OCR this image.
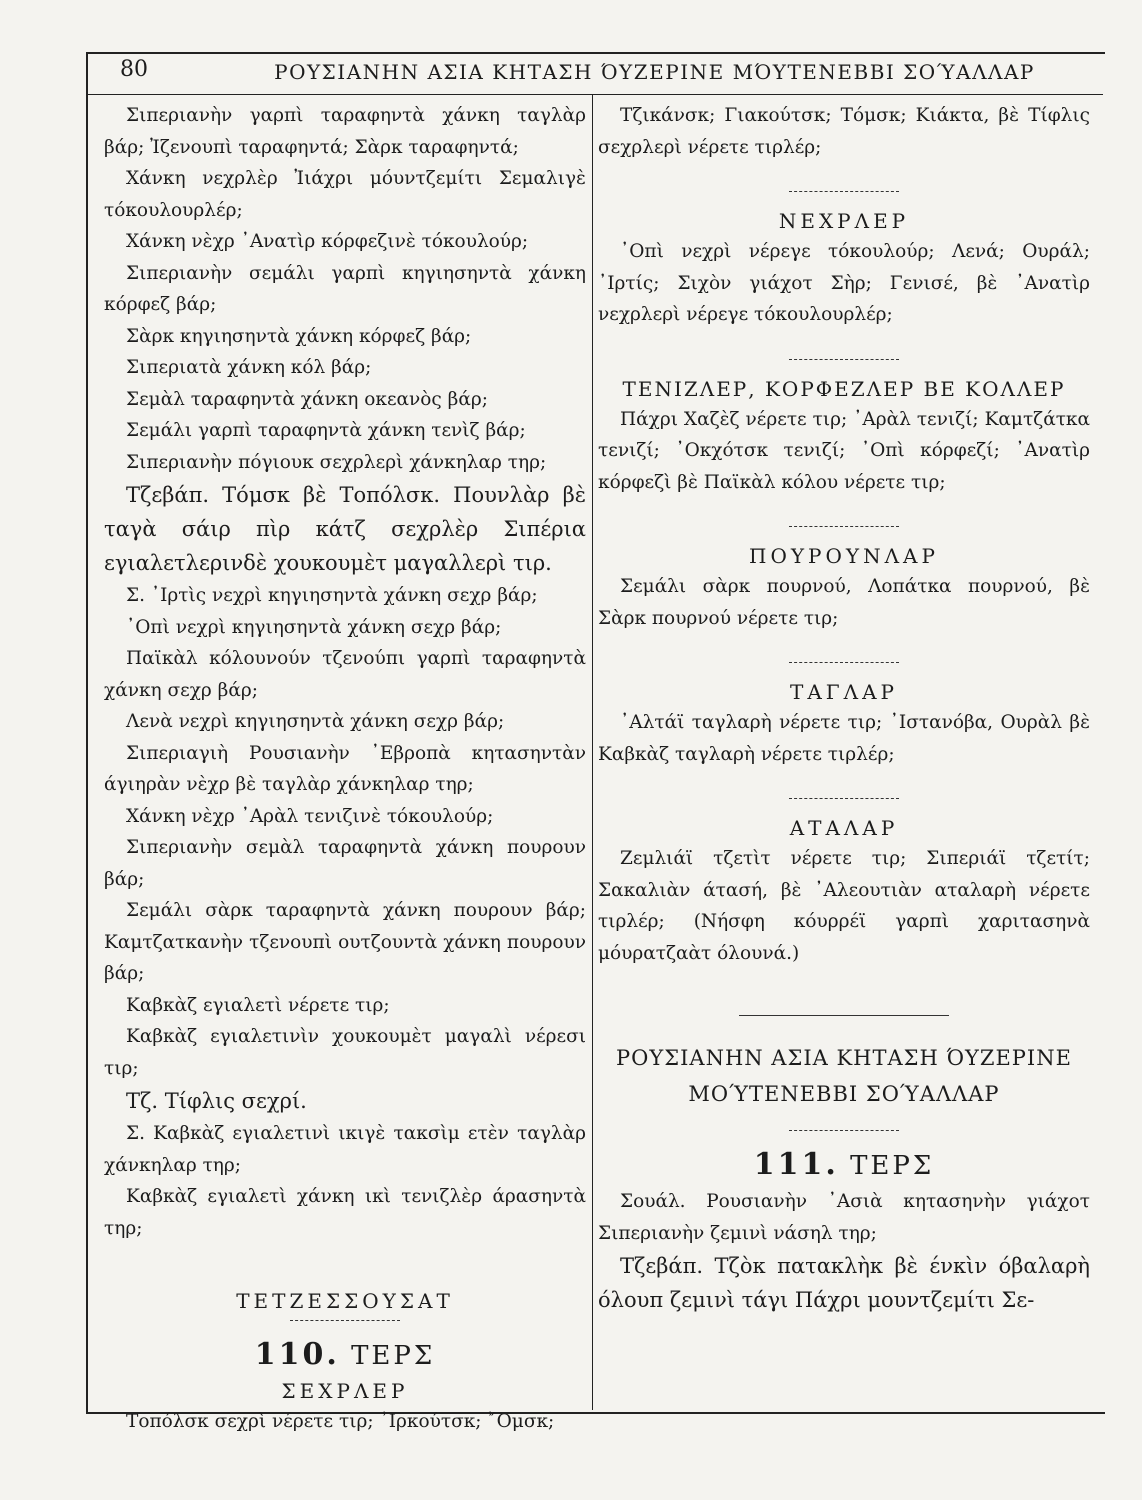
80	ΡΟΥΣΙΑΝΗΝ ΑΣΙΑ ΚΗΤΑΣΗ ΌΥΖΕΡΙΝΕ ΜΌΥΤΕΝΕΒΒΙ ΣΟΎΑΛΛΑΡ

Σιπεριανὴν γαρπὶ ταραφηντὰ χάνκη ταγλὰρ βάρ; Ἰζενουπὶ ταραφηντά; Σὰρκ ταραφηντά;

Χάνκη νεχρλὲρ Ἰιάχρι μόυντζεμίτι Σεμαλιγὲ τόκουλουρλέρ;

Χάνκη νὲχρ ᾿Ανατὶρ κόρφεζινὲ τόκουλούρ;

Σιπεριανὴν σεμάλι γαρπὶ κηγιησηντὰ χάνκη κόρφεζ βάρ;

Σὰρκ κηγιησηντὰ χάνκη κόρφεζ βάρ;

Σιπεριατὰ χάνκη κόλ βάρ;

Σεμὰλ ταραφηντὰ χάνκη οκεανὸς βάρ;

Σεμάλι γαρπὶ ταραφηντὰ χάνκη τενὶζ βάρ;

Σιπεριανὴν πόγιουκ σεχρλερὶ χάνκηλαρ τηρ;

Τζεβάπ. Τόμσκ βὲ Τοπόλσκ. Πουνλὰρ βὲ ταγὰ σάιρ πὶρ κάτζ σεχρλὲρ Σιπέρια εγιαλετλερινδὲ χουκουμὲτ μαγαλλερὶ τιρ.

Σ. ᾿Ιρτὶς νεχρὶ κηγιησηντὰ χάνκη σεχρ βάρ;

᾿Οπὶ νεχρὶ κηγιησηντὰ χάνκη σεχρ βάρ;

Παϊκὰλ κόλουνούν τζενούπι γαρπὶ ταραφηντὰ χάνκη σεχρ βάρ;

Λενὰ νεχρὶ κηγιησηντὰ χάνκη σεχρ βάρ;

Σιπεριαγιὴ Ρουσιανὴν ᾿Εβροπὰ κητασηντὰν άγιηρὰν νὲχρ βὲ ταγλὰρ χάνκηλαρ τηρ;

Χάνκη νὲχρ ᾿Αρὰλ τενιζινὲ τόκουλούρ;

Σιπεριανὴν σεμὰλ ταραφηντὰ χάνκη πουρουν βάρ;

Σεμάλι σὰρκ ταραφηντὰ χάνκη πουρουν βάρ; Καμτζατκανὴν τζενουπὶ ουτζουντὰ χάνκη πουρουν βάρ;

Καβκὰζ εγιαλετὶ νέρετε τιρ;

Καβκὰζ εγιαλετινὶν χουκουμὲτ μαγαλὶ νέρεσι τιρ;

Τζ. Τίφλις σεχρί.

Σ. Καβκὰζ εγιαλετινὶ ικιγὲ τακσὶμ ετὲν ταγλὰρ χάνκηλαρ τηρ;

Καβκὰζ εγιαλετὶ χάνκη ικὶ τενιζλὲρ άρασηντὰ τηρ;

ΤΕΤΖΕΣΣΟΥΣΑΤ

110. ΤΕΡΣ

ΣΕΧΡΛΕΡ

Τοπόλσκ σεχρὶ νέρετε τιρ; ᾿Ιρκούτσκ; ῎Ομσκ;

Τζικάνσκ; Γιακούτσκ; Τόμσκ; Κιάκτα, βὲ Τίφλις σεχρλερὶ νέρετε τιρλέρ;

ΝΕΧΡΛΕΡ

᾿Οπὶ νεχρὶ νέρεγε τόκουλούρ; Λενά; Ουράλ; ᾿Ιρτίς; Σιχὸν γιάχοτ Σὴρ; Γενισέ, βὲ ᾿Ανατὶρ νεχρλερὶ νέρεγε τόκουλουρλέρ;

ΤΕΝΙΖΛΕΡ, ΚΟΡΦΕΖΛΕΡ ΒΕ ΚΟΛΛΕΡ

Πάχρι Χαζὲζ νέρετε τιρ; ᾿Αρὰλ τενιζί; Καμτζάτκα τενιζί; ᾿Οκχότσκ τενιζί; ᾿Οπὶ κόρφεζί; ᾿Ανατὶρ κόρφεζὶ βὲ Παϊκὰλ κόλου νέρετε τιρ;

ΠΟΥΡΟΥΝΛΑΡ

Σεμάλι σὰρκ πουρνού, Λοπάτκα πουρνού, βὲ Σὰρκ πουρνού νέρετε τιρ;

ΤΑΓΛΑΡ

᾿Αλτάϊ ταγλαρὴ νέρετε τιρ; ᾿Ιστανόβα, Ουρὰλ βὲ Καβκὰζ ταγλαρὴ νέρετε τιρλέρ;

ΑΤΑΛΑΡ

Ζεμλιάϊ τζετὶτ νέρετε τιρ; Σιπεριάϊ τζετίτ; Σακαλιὰν άτασή, βὲ ᾿Αλεουτιὰν αταλαρὴ νέρετε τιρλέρ; (Νήσφη κόυρρέϊ γαρπὶ χαριτασηνὰ μόυρατζαὰτ όλουνά.)

ΡΟΥΣΙΑΝΗΝ ΑΣΙΑ ΚΗΤΑΣΗ ΌΥΖΕΡΙΝΕ

ΜΟΎΤΕΝΕΒΒΙ ΣΟΎΑΛΛΑΡ

111. ΤΕΡΣ

Σουάλ. Ρουσιανὴν ᾿Ασιὰ κητασηνὴν γιάχοτ Σιπεριανὴν ζεμινὶ νάσηλ τηρ;

Τζεβάπ. Τζὸκ πατακλὴκ βὲ ένκὶν όβαλαρὴ όλουπ ζεμινὶ τάγι Πάχρι μουντζεμίτι Σε-
